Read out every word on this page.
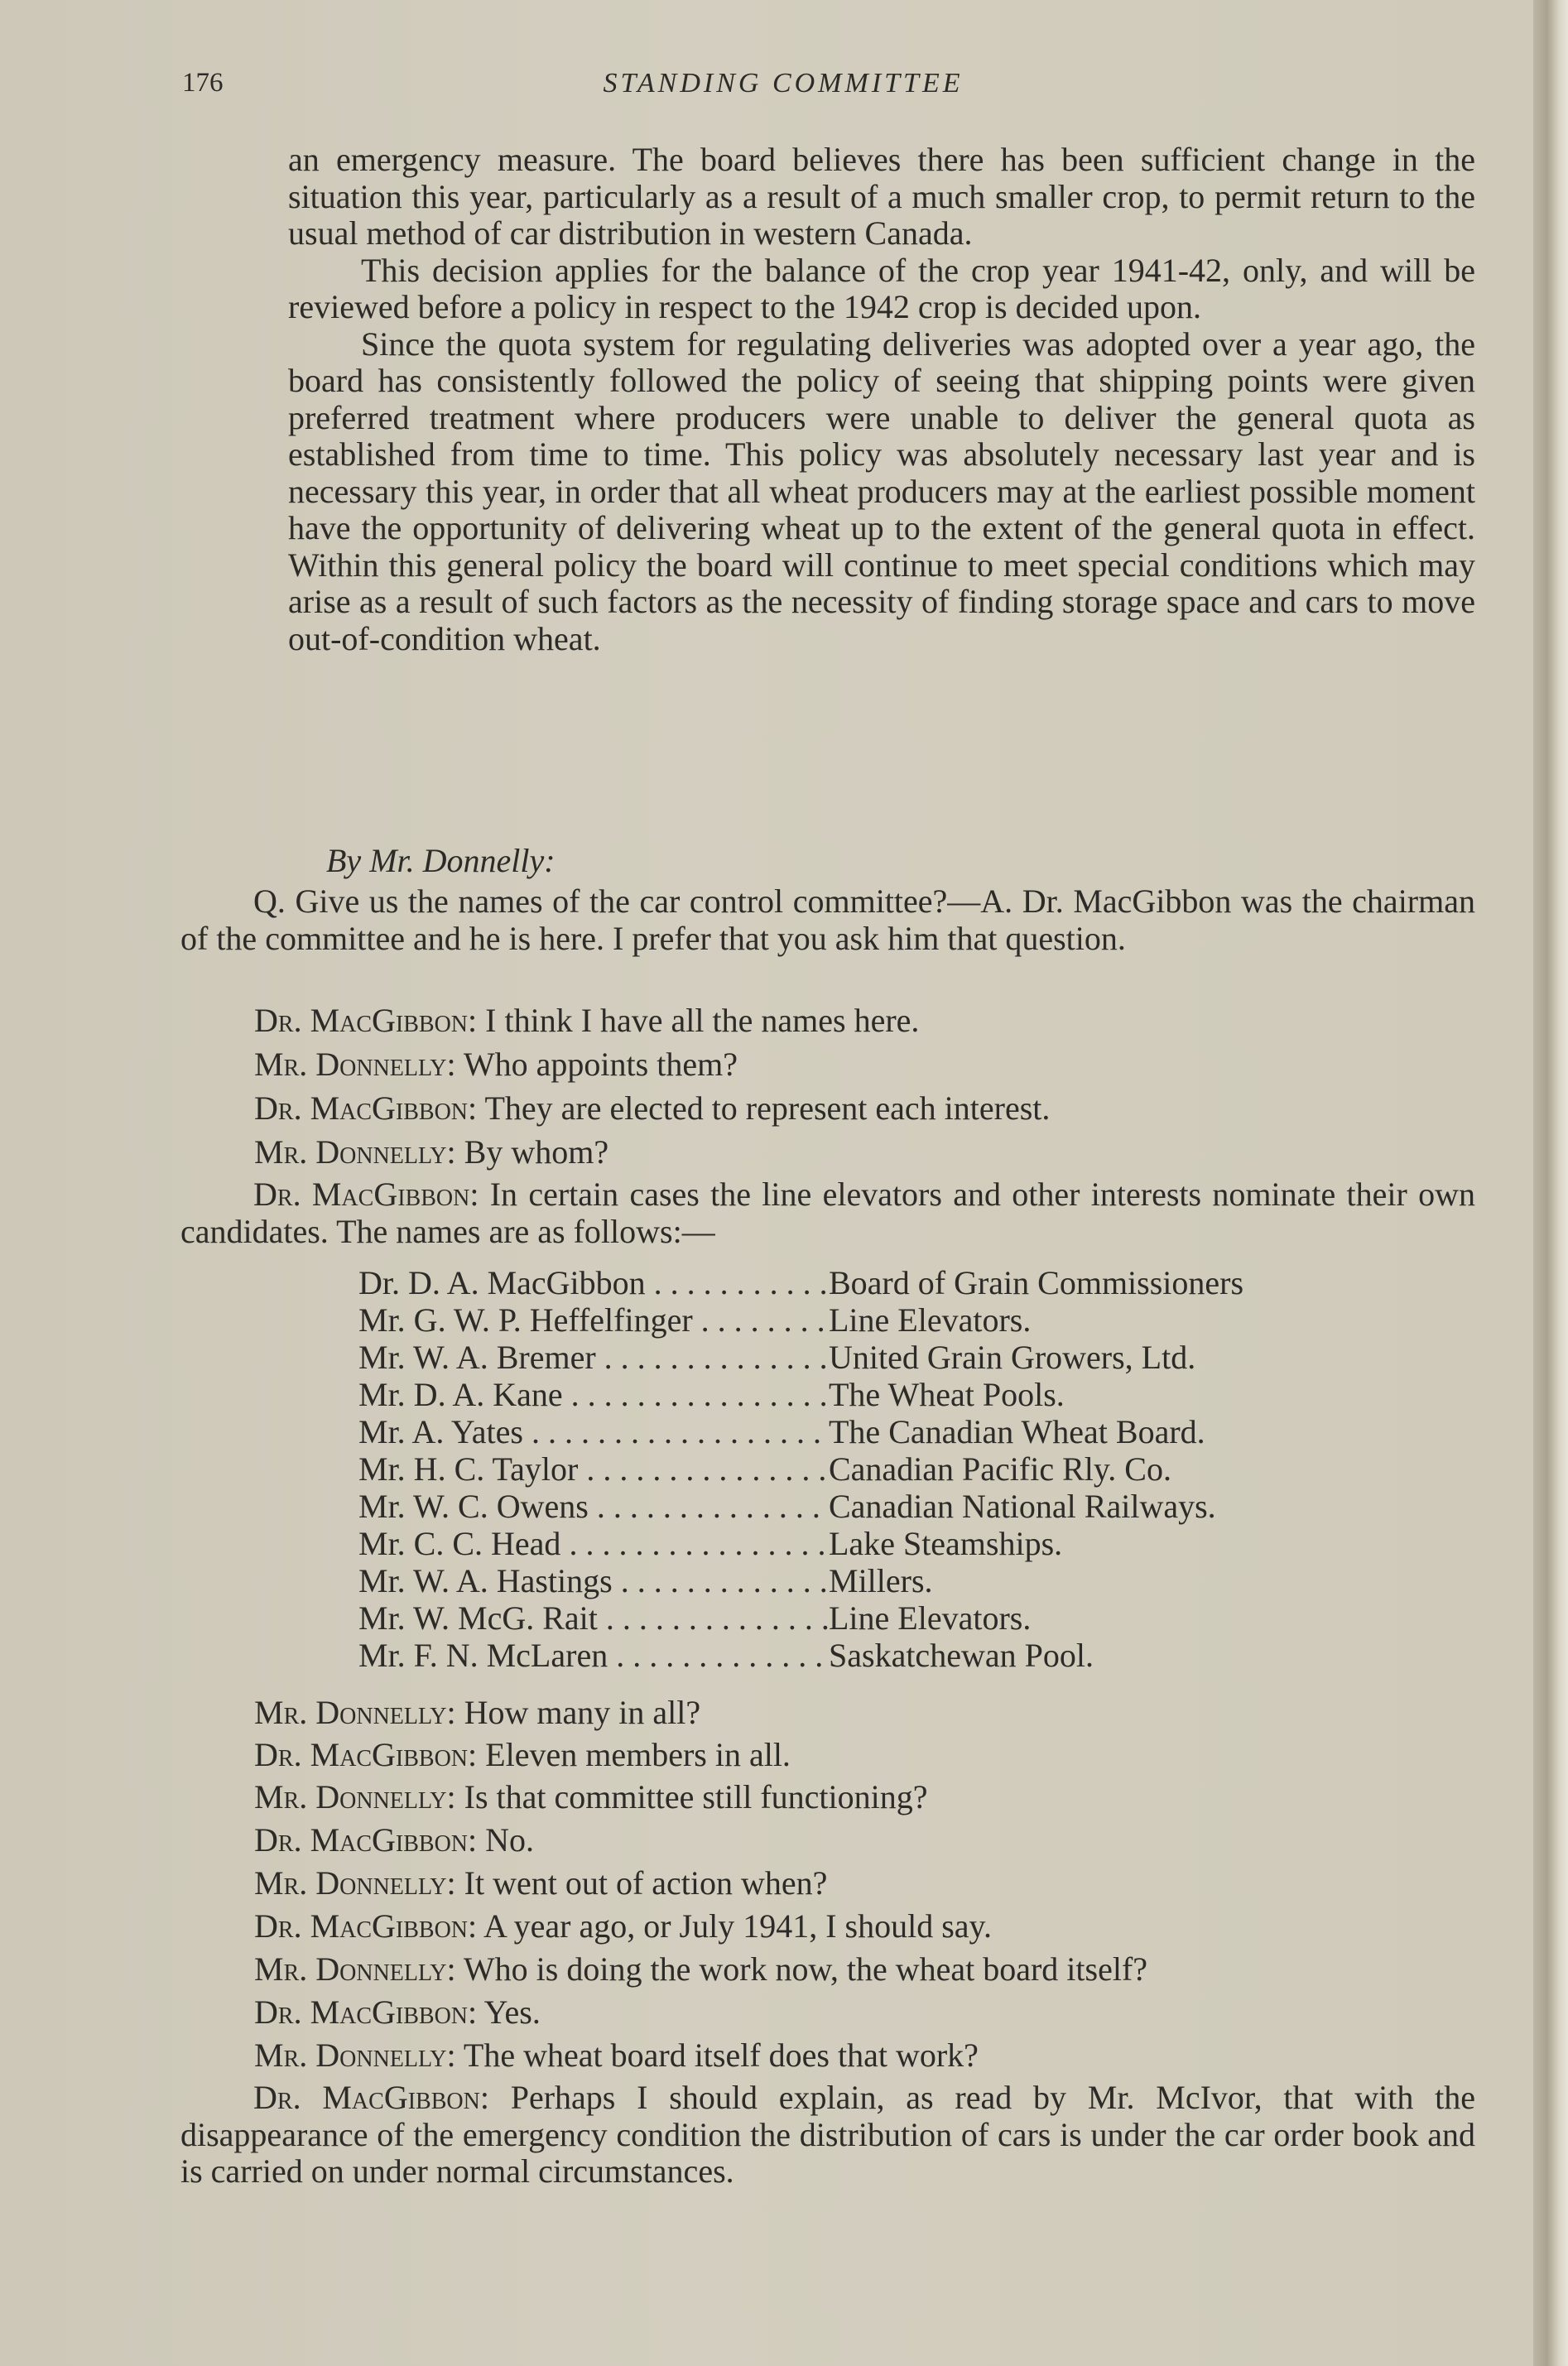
176	STANDING COMMITTEE

an emergency measure. The board believes there has been sufficient change in the situation this year, particularly as a result of a much smaller crop, to permit return to the usual method of car distribution in western Canada.

This decision applies for the balance of the crop year 1941-42, only, and will be reviewed before a policy in respect to the 1942 crop is decided upon.

Since the quota system for regulating deliveries was adopted over a year ago, the board has consistently followed the policy of seeing that shipping points were given preferred treatment where producers were unable to deliver the general quota as established from time to time. This policy was absolutely necessary last year and is necessary this year, in order that all wheat producers may at the earliest possible moment have the opportunity of delivering wheat up to the extent of the general quota in effect. Within this general policy the board will continue to meet special conditions which may arise as a result of such factors as the necessity of finding storage space and cars to move out-of-condition wheat.

By Mr. Donnelly:

Q. Give us the names of the car control committee?—A. Dr. MacGibbon was the chairman of the committee and he is here. I prefer that you ask him that question.

Dr. MacGibbon: I think I have all the names here.
Mr. Donnelly: Who appoints them?
Dr. MacGibbon: They are elected to represent each interest.
Mr. Donnelly: By whom?

Dr. MacGibbon: In certain cases the line elevators and other interests nominate their own candidates. The names are as follows:—

Dr. D. A. MacGibbon . . .	Board of Grain Commissioners
Mr. G. W. P. Heffelfinger . . .	Line Elevators.
Mr. W. A. Bremer . . .	United Grain Growers, Ltd.
Mr. D. A. Kane . . .	The Wheat Pools.
Mr. A. Yates . . .	The Canadian Wheat Board.
Mr. H. C. Taylor . . .	Canadian Pacific Rly. Co.
Mr. W. C. Owens . . .	Canadian National Railways.
Mr. C. C. Head . . .	Lake Steamships.
Mr. W. A. Hastings . . .	Millers.
Mr. W. McG. Rait . . .	Line Elevators.
Mr. F. N. McLaren . . .	Saskatchewan Pool.
Mr. Donnelly: How many in all?
Dr. MacGibbon: Eleven members in all.
Mr. Donnelly: Is that committee still functioning?
Dr. MacGibbon: No.
Mr. Donnelly: It went out of action when?
Dr. MacGibbon: A year ago, or July 1941, I should say.
Mr. Donnelly: Who is doing the work now, the wheat board itself?
Dr. MacGibbon: Yes.
Mr. Donnelly: The wheat board itself does that work?

Dr. MacGibbon: Perhaps I should explain, as read by Mr. McIvor, that with the disappearance of the emergency condition the distribution of cars is under the car order book and is carried on under normal circumstances.
